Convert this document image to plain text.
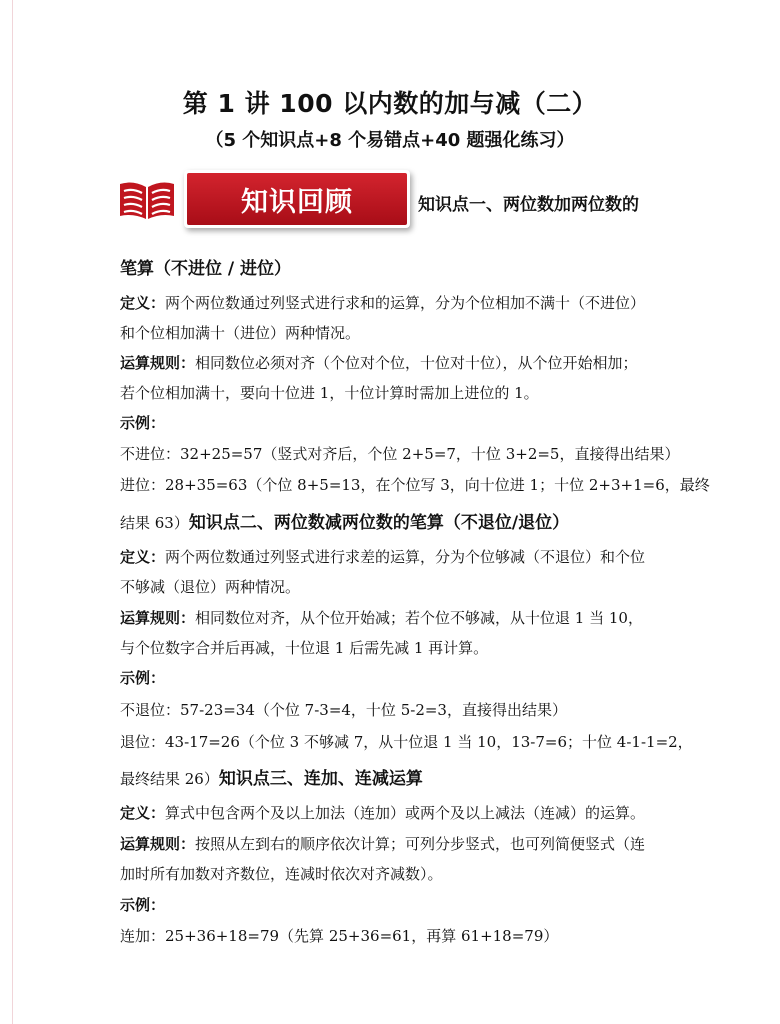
第 1 讲 100 以内数的加与减（二）
（5 个知识点+8 个易错点+40 题强化练习）
知识回顾	知识点一、两位数加两位数的
笔算（不进位 / 进位）
定义：两个两位数通过列竖式进行求和的运算，分为个位相加不满十（不进位）
和个位相加满十（进位）两种情况。
运算规则：相同数位必须对齐（个位对个位，十位对十位），从个位开始相加；
若个位相加满十，要向十位进 1，十位计算时需加上进位的 1。
示例：
不进位：32+25=57（竖式对齐后，个位 2+5=7，十位 3+2=5，直接得出结果）
进位：28+35=63（个位 8+5=13，在个位写 3，向十位进 1；十位 2+3+1=6，最终
结果 63）知识点二、两位数减两位数的笔算（不退位/退位）
定义：两个两位数通过列竖式进行求差的运算，分为个位够减（不退位）和个位
不够减（退位）两种情况。
运算规则：相同数位对齐，从个位开始减；若个位不够减，从十位退 1 当 10，
与个位数字合并后再减，十位退 1 后需先减 1 再计算。
示例：
不退位：57-23=34（个位 7-3=4，十位 5-2=3，直接得出结果）
退位：43-17=26（个位 3 不够减 7，从十位退 1 当 10，13-7=6；十位 4-1-1=2，
最终结果 26）知识点三、连加、连减运算
定义：算式中包含两个及以上加法（连加）或两个及以上减法（连减）的运算。
运算规则：按照从左到右的顺序依次计算；可列分步竖式，也可列简便竖式（连
加时所有加数对齐数位，连减时依次对齐减数）。
示例：
连加：25+36+18=79（先算 25+36=61，再算 61+18=79）
